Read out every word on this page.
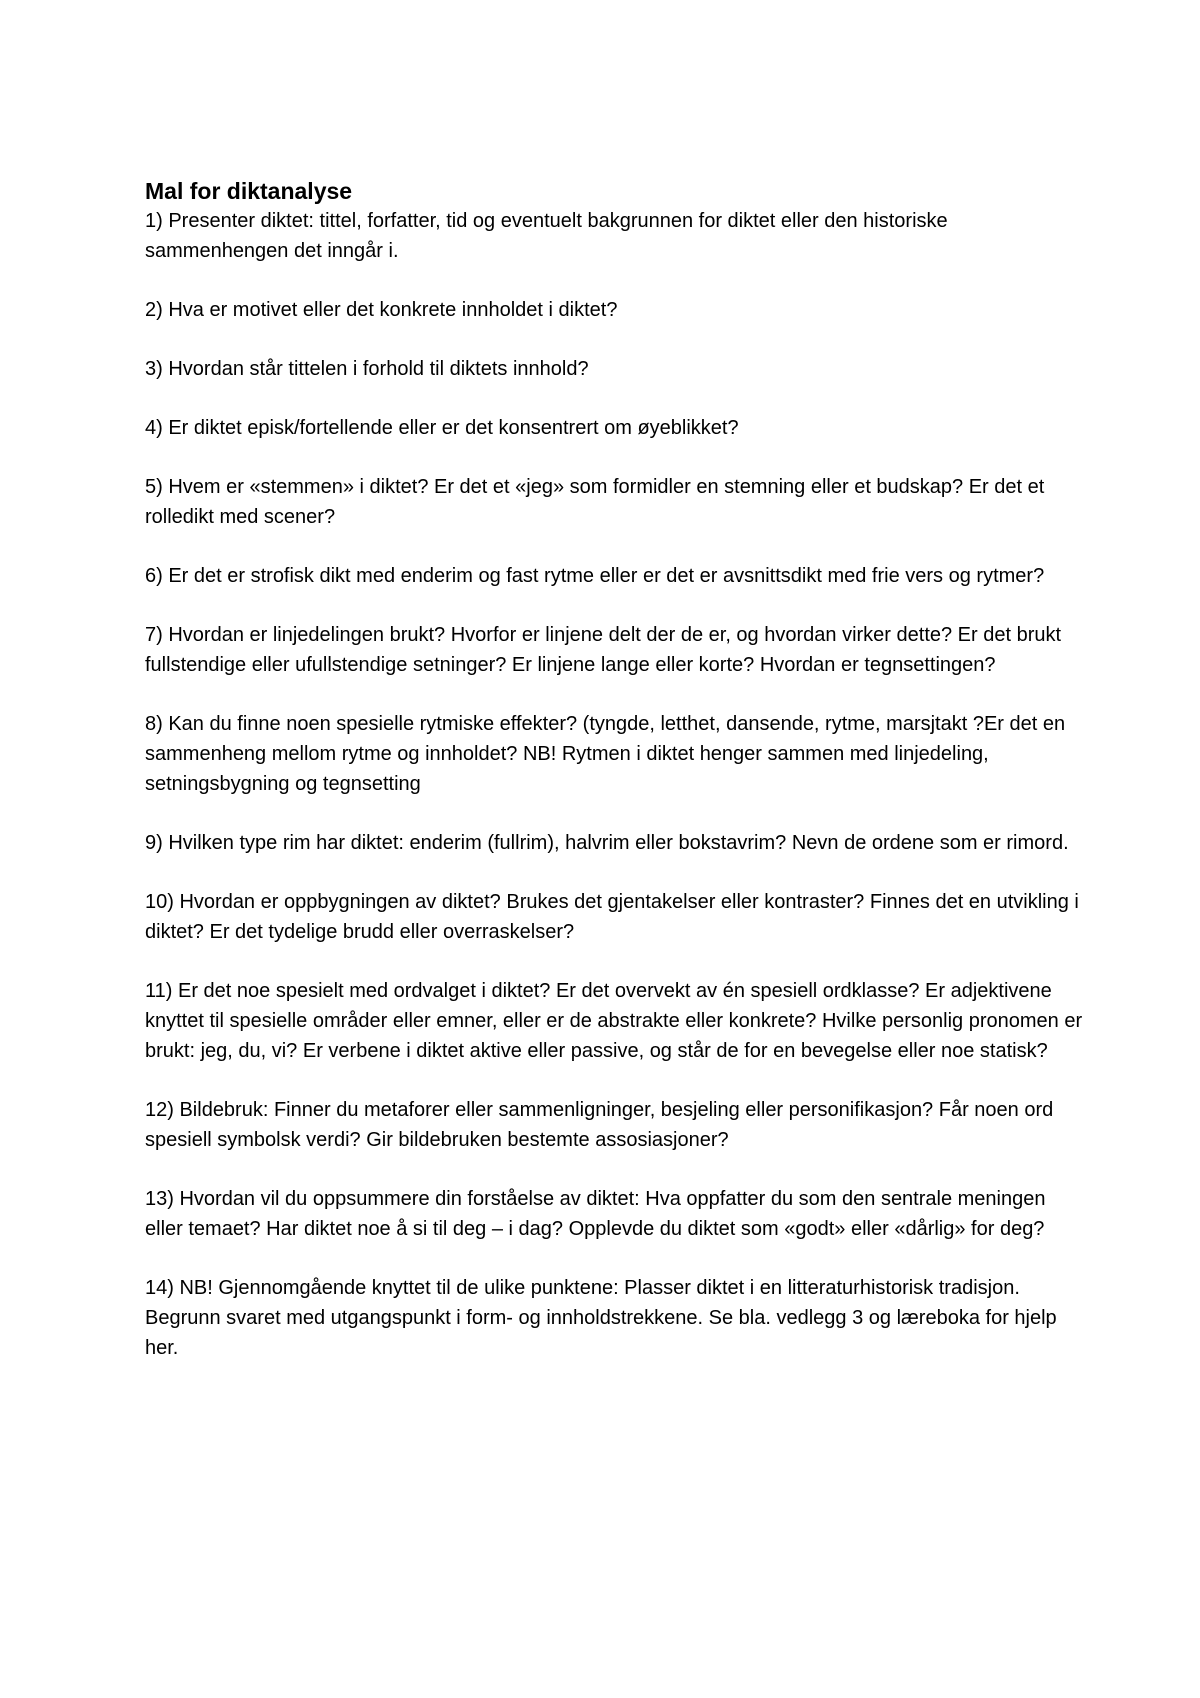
Mal for diktanalyse

1) Presenter diktet: tittel, forfatter, tid og eventuelt bakgrunnen for diktet eller den historiske sammenhengen det inngår i.

2) Hva er motivet eller det konkrete innholdet i diktet?

3) Hvordan står tittelen i forhold til diktets innhold?

4) Er diktet episk/fortellende eller er det konsentrert om øyeblikket?

5) Hvem er «stemmen» i diktet? Er det et «jeg» som formidler en stemning eller et budskap? Er det et rolledikt med scener?

6) Er det er strofisk dikt med enderim og fast rytme eller er det er avsnittsdikt med frie vers og rytmer?

7) Hvordan er linjedelingen brukt? Hvorfor er linjene delt der de er, og hvordan virker dette? Er det brukt fullstendige eller ufullstendige setninger? Er linjene lange eller korte? Hvordan er tegnsettingen?

8) Kan du finne noen spesielle rytmiske effekter? (tyngde, letthet, dansende, rytme, marsjtakt ?Er det en sammenheng mellom rytme og innholdet? NB! Rytmen i diktet henger sammen med linjedeling, setningsbygning og tegnsetting

9) Hvilken type rim har diktet: enderim (fullrim), halvrim eller bokstavrim? Nevn de ordene som er rimord.

10) Hvordan er oppbygningen av diktet? Brukes det gjentakelser eller kontraster? Finnes det en utvikling i diktet? Er det tydelige brudd eller overraskelser?

11) Er det noe spesielt med ordvalget i diktet? Er det overvekt av én spesiell ordklasse? Er adjektivene knyttet til spesielle områder eller emner, eller er de abstrakte eller konkrete? Hvilke personlig pronomen er brukt: jeg, du, vi? Er verbene i diktet aktive eller passive, og står de for en bevegelse eller noe statisk?

12) Bildebruk: Finner du metaforer eller sammenligninger, besjeling eller personifikasjon? Får noen ord spesiell symbolsk verdi? Gir bildebruken bestemte assosiasjoner?

13) Hvordan vil du oppsummere din forståelse av diktet: Hva oppfatter du som den sentrale meningen eller temaet? Har diktet noe å si til deg – i dag? Opplevde du diktet som «godt» eller «dårlig» for deg?

14) NB! Gjennomgående knyttet til de ulike punktene: Plasser diktet i en litteraturhistorisk tradisjon. Begrunn svaret med utgangspunkt i form- og innholdstrekkene. Se bla. vedlegg 3 og læreboka for hjelp her.
